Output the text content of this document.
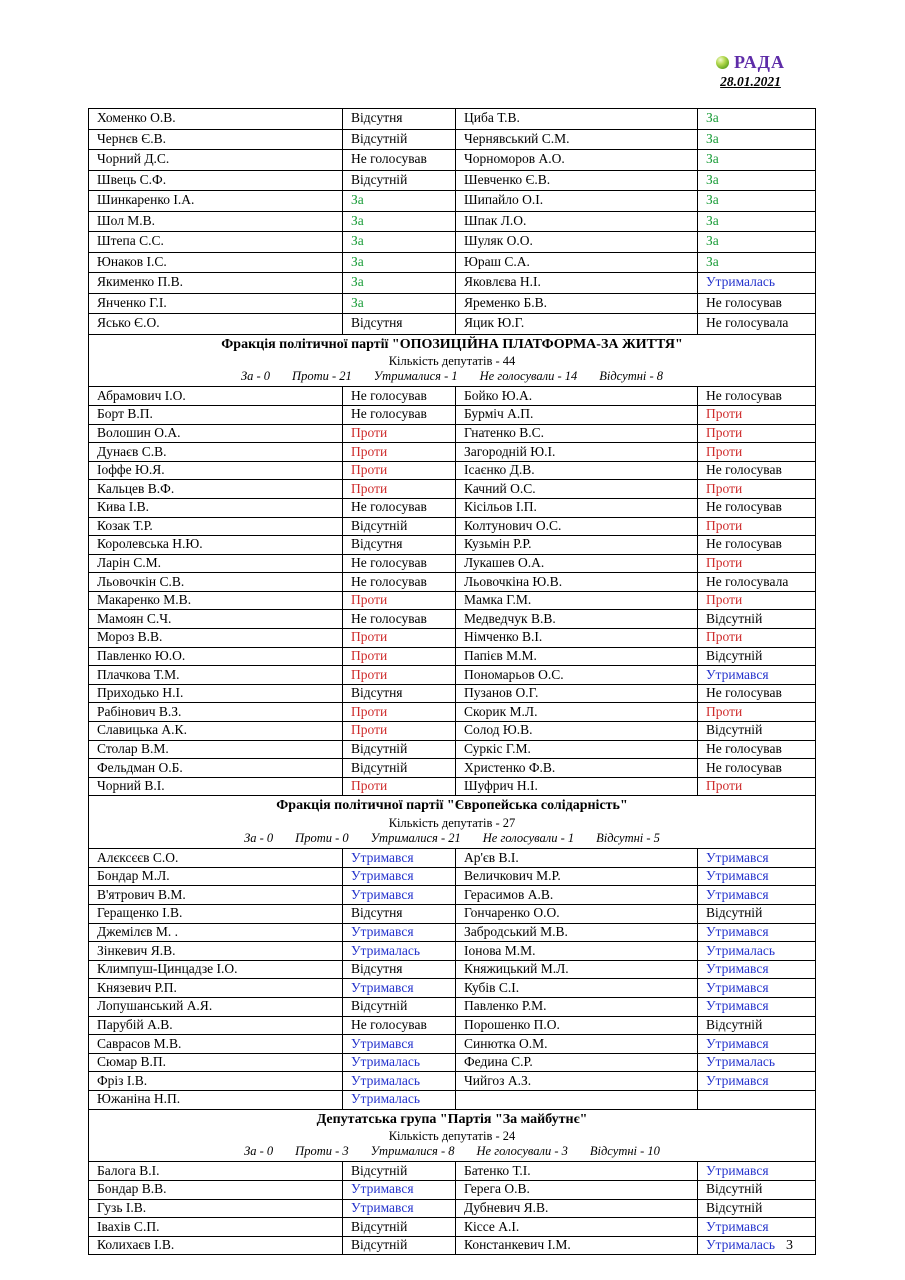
РАДА
28.01.2021
Хоменко О.В.	Відсутня	Циба Т.В.	За
Чернєв Є.В.	Відсутній	Чернявський С.М.	За
Чорний Д.С.	Не голосував	Чорноморов А.О.	За
Швець С.Ф.	Відсутній	Шевченко Є.В.	За
Шинкаренко І.А.	За	Шипайло О.І.	За
Шол М.В.	За	Шпак Л.О.	За
Штепа С.С.	За	Шуляк О.О.	За
Юнаков І.С.	За	Юраш С.А.	За
Якименко П.В.	За	Яковлєва Н.І.	Утрималась
Янченко Г.І.	За	Яременко Б.В.	Не голосував
Ясько Є.О.	Відсутня	Яцик Ю.Г.	Не голосувала

Фракція політичної партії "ОПОЗИЦІЙНА ПЛАТФОРМА-ЗА ЖИТТЯ"
Кількість депутатів - 44
За - 0 Проти - 21 Утрималися - 1 Не голосували - 14 Відсутні - 8			

Абрамович І.О.	Не голосував	Бойко Ю.А.	Не голосував
Борт В.П.	Не голосував	Бурміч А.П.	Проти
Волошин О.А.	Проти	Гнатенко В.С.	Проти
Дунаєв С.В.	Проти	Загородній Ю.І.	Проти
Іоффе Ю.Я.	Проти	Ісаєнко Д.В.	Не голосував
Кальцев В.Ф.	Проти	Качний О.С.	Проти
Кива І.В.	Не голосував	Кісільов І.П.	Не голосував
Козак Т.Р.	Відсутній	Колтунович О.С.	Проти
Королевська Н.Ю.	Відсутня	Кузьмін Р.Р.	Не голосував
Ларін С.М.	Не голосував	Лукашев О.А.	Проти
Льовочкін С.В.	Не голосував	Льовочкіна Ю.В.	Не голосувала
Макаренко М.В.	Проти	Мамка Г.М.	Проти
Мамоян С.Ч.	Не голосував	Медведчук В.В.	Відсутній
Мороз В.В.	Проти	Німченко В.І.	Проти
Павленко Ю.О.	Проти	Папієв М.М.	Відсутній
Плачкова Т.М.	Проти	Пономарьов О.С.	Утримався
Приходько Н.І.	Відсутня	Пузанов О.Г.	Не голосував
Рабінович В.З.	Проти	Скорик М.Л.	Проти
Славицька А.К.	Проти	Солод Ю.В.	Відсутній
Столар В.М.	Відсутній	Суркіс Г.М.	Не голосував
Фельдман О.Б.	Відсутній	Христенко Ф.В.	Не голосував
Чорний В.І.	Проти	Шуфрич Н.І.	Проти

Фракція політичної партії "Європейська солідарність"
Кількість депутатів - 27
За - 0 Проти - 0 Утрималися - 21 Не голосували - 1 Відсутні - 5			

Алєксєєв С.О.	Утримався	Ар'єв В.І.	Утримався
Бондар М.Л.	Утримався	Величкович М.Р.	Утримався
В'ятрович В.М.	Утримався	Герасимов А.В.	Утримався
Геращенко І.В.	Відсутня	Гончаренко О.О.	Відсутній
Джемілєв М. .	Утримався	Забродський М.В.	Утримався
Зінкевич Я.В.	Утрималась	Іонова М.М.	Утрималась
Климпуш-Цинцадзе І.О.	Відсутня	Княжицький М.Л.	Утримався
Князевич Р.П.	Утримався	Кубів С.І.	Утримався
Лопушанський А.Я.	Відсутній	Павленко Р.М.	Утримався
Парубій А.В.	Не голосував	Порошенко П.О.	Відсутній
Саврасов М.В.	Утримався	Синютка О.М.	Утримався
Сюмар В.П.	Утрималась	Федина С.Р.	Утрималась
Фріз І.В.	Утрималась	Чийгоз А.З.	Утримався
Южаніна Н.П.	Утрималась		

Депутатська група "Партія "За майбутнє"
Кількість депутатів - 24
За - 0 Проти - 3 Утрималися - 8 Не голосували - 3 Відсутні - 10			

Балога В.І.	Відсутній	Батенко Т.І.	Утримався
Бондар В.В.	Утримався	Герега О.В.	Відсутній
Гузь І.В.	Утримався	Дубневич Я.В.	Відсутній
Івахів С.П.	Відсутній	Кіссе А.І.	Утримався
Колихаєв І.В.	Відсутній	Констанкевич І.М.	Утрималась 3
